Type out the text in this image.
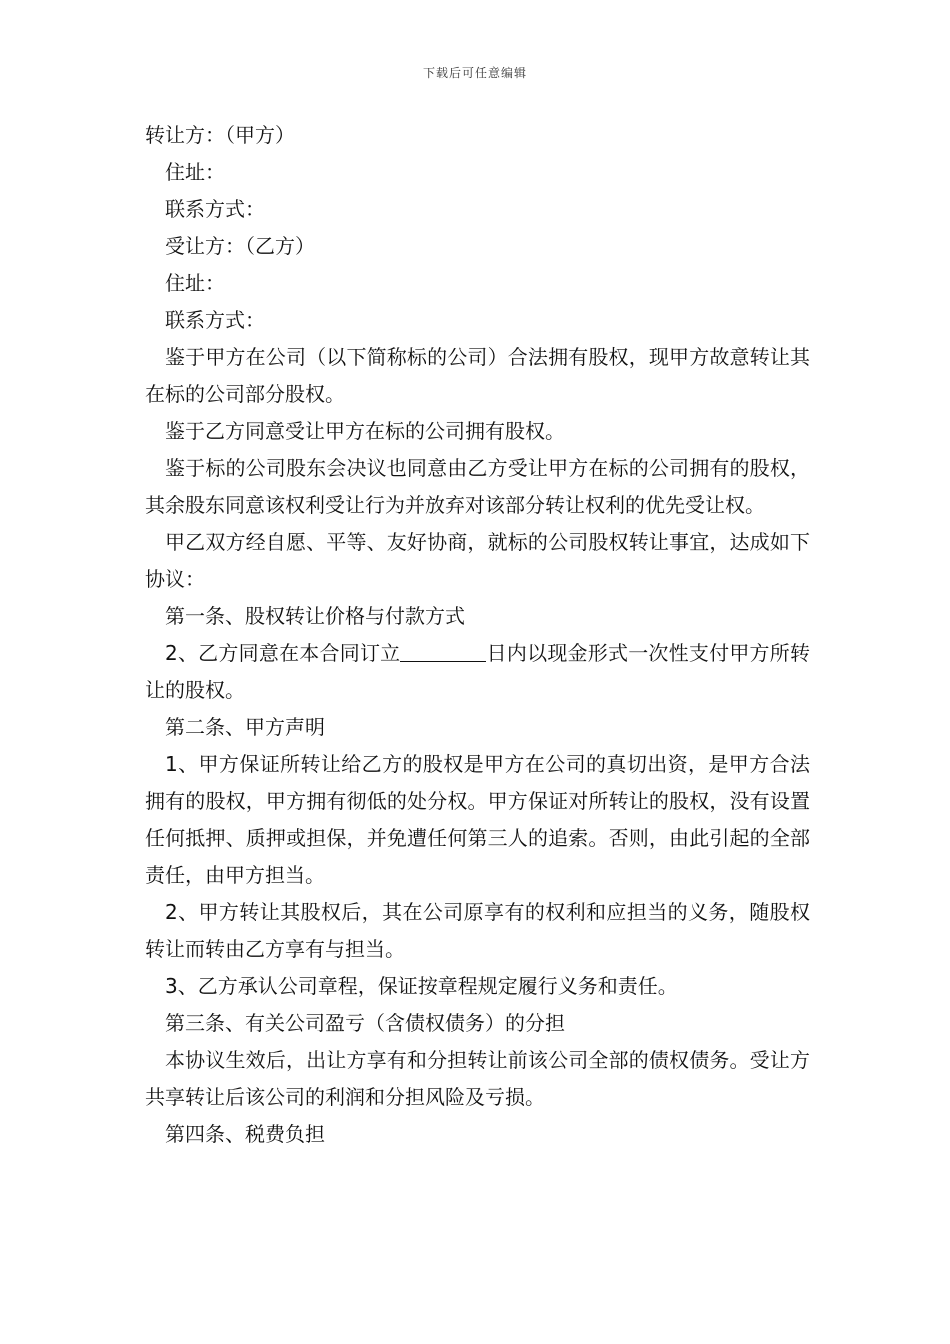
下载后可任意编辑
转让方：（甲方）
住址：
联系方式：
受让方：（乙方）
住址：
联系方式：
鉴于甲方在公司（以下简称标的公司）合法拥有股权，现甲方故意转让其在标的公司部分股权。
鉴于乙方同意受让甲方在标的公司拥有股权。
鉴于标的公司股东会决议也同意由乙方受让甲方在标的公司拥有的股权，其余股东同意该权利受让行为并放弃对该部分转让权利的优先受让权。
甲乙双方经自愿、平等、友好协商，就标的公司股权转让事宜，达成如下协议：
第一条、股权转让价格与付款方式
2、乙方同意在本合同订立	日内以现金形式一次性支付甲方所转让的股权。
第二条、甲方声明
1、甲方保证所转让给乙方的股权是甲方在公司的真切出资，是甲方合法拥有的股权，甲方拥有彻低的处分权。甲方保证对所转让的股权，没有设置任何抵押、质押或担保，并免遭任何第三人的追索。否则，由此引起的全部责任，由甲方担当。
2、甲方转让其股权后，其在公司原享有的权利和应担当的义务，随股权转让而转由乙方享有与担当。
3、乙方承认公司章程，保证按章程规定履行义务和责任。
第三条、有关公司盈亏（含债权债务）的分担
本协议生效后，出让方享有和分担转让前该公司全部的债权债务。受让方共享转让后该公司的利润和分担风险及亏损。
第四条、税费负担
